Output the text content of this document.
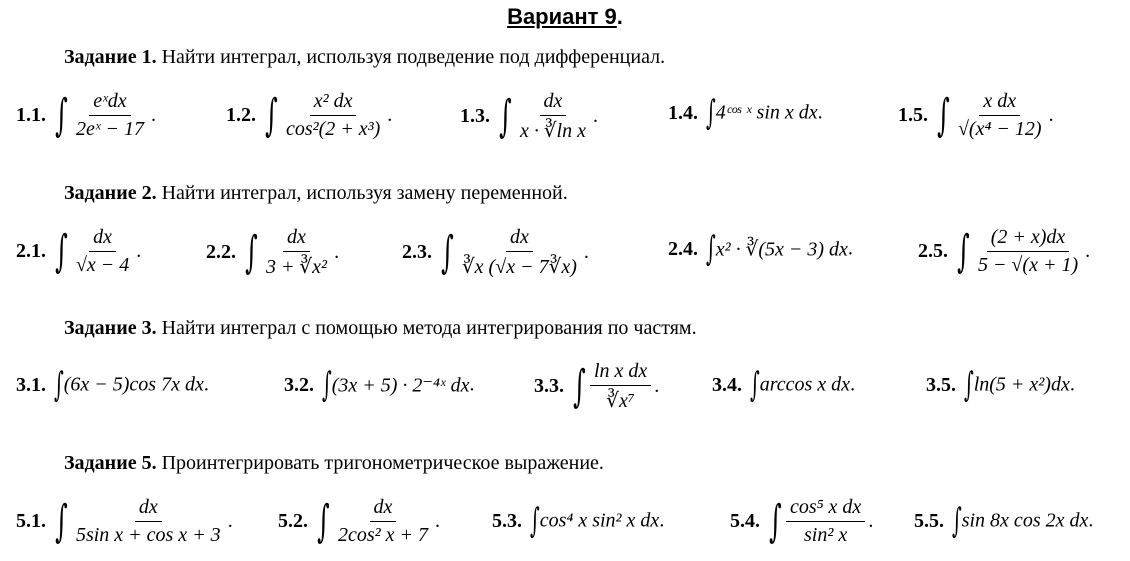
Вариант 9.
Задание 1. Найти интеграл, используя подведение под дифференциал.
1.1. ∫ $\frac{\text{eˣdx}}{\text{2eˣ − 17}}$ .	1.2. ∫ $\frac{\text{x² dx}}{\text{cos²(2 + x³)}}$ .	1.3. ∫ $\frac{dx}{\text{x · ∛ln x}}$ .	1.4. ∫4ᶜᵒˢ ˣ sin x dx.	1.5. ∫ $\frac{\text{x dx}}{\text{√(x⁴ − 12)}}$ .
Задание 2. Найти интеграл, используя замену переменной.
2.1. ∫ $\frac{dx}{√x - 4}$ .	2.2. ∫ $\frac{dx}{\text{3 + ∛x²}}$ .	2.3. ∫ $\frac{dx}{∛x (√x - 7∛x)}$ .	2.4. ∫x² · ∛(5x − 3) dx.	2.5. ∫ $\frac{(2 + x)dx}{5 - √(x + 1)}$ .
Задание 3. Найти интеграл с помощью метода интегрирования по частям.
3.1. ∫(6x − 5)cos 7x dx.	3.2. ∫(3x + 5) · 2⁻⁴ˣ dx.	3.3. ∫ $\frac{\text{ln x dx}}{\text{∛x⁷}}$ .	3.4. ∫arccos x dx.	3.5. ∫ln(5 + x²)dx.
Задание 5. Проинтегрировать тригонометрическое выражение.
5.1. ∫ $\frac{dx}{\text{5sin x + cos x + 3}}$ . 5.2. ∫ $\frac{dx}{\text{2cos² x + 7}}$ .	5.3. ∫cos⁴ x sin² x dx.	5.4. ∫ $\frac{\text{cos⁵ x dx}}{\text{sin² x}}$ . 5.5. ∫sin 8x cos 2x dx.
